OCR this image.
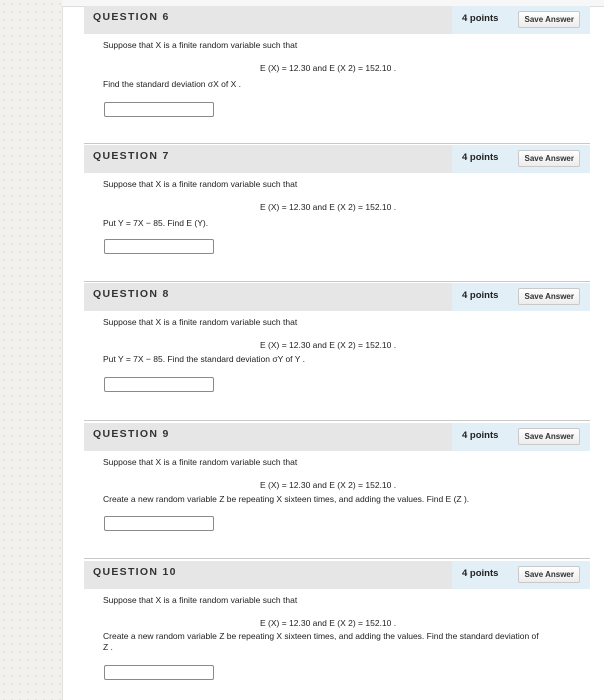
QUESTION 6	4 points	Save Answer
Suppose that X is a finite random variable such that
E (X) = 12.30 and E (X 2) = 152.10 .
Find the standard deviation σX of X .
QUESTION 7	4 points	Save Answer
Suppose that X is a finite random variable such that
E (X) = 12.30 and E (X 2) = 152.10 .
Put Y = 7X − 85. Find E (Y).
QUESTION 8	4 points	Save Answer
Suppose that X is a finite random variable such that
E (X) = 12.30 and E (X 2) = 152.10 .
Put Y = 7X − 85. Find the standard deviation σY of Y .
QUESTION 9	4 points	Save Answer
Suppose that X is a finite random variable such that
E (X) = 12.30 and E (X 2) = 152.10 .
Create a new random variable Z be repeating X sixteen times, and adding the values. Find E (Z ).
QUESTION 10	4 points	Save Answer
Suppose that X is a finite random variable such that
E (X) = 12.30 and E (X 2) = 152.10 .
Create a new random variable Z be repeating X sixteen times, and adding the values. Find the standard deviation of Z .
